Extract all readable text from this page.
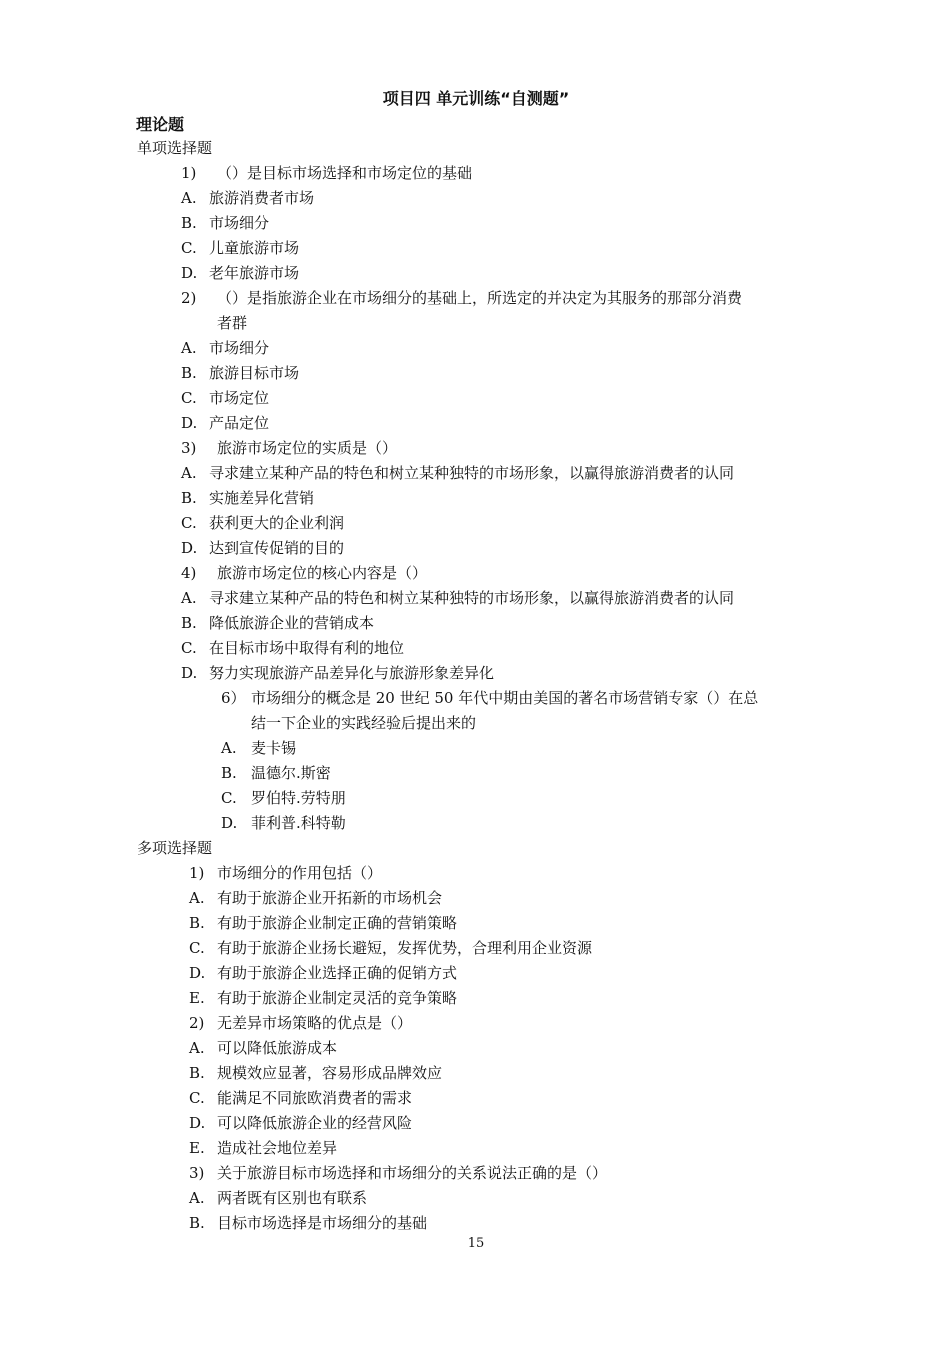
项目四 单元训练“自测题”
理论题
单项选择题
1) （）是目标市场选择和市场定位的基础
A. 旅游消费者市场
B. 市场细分
C. 儿童旅游市场
D. 老年旅游市场
2) （）是指旅游企业在市场细分的基础上，所选定的并决定为其服务的那部分消费
者群
A. 市场细分
B. 旅游目标市场
C. 市场定位
D. 产品定位
3) 旅游市场定位的实质是（）
A. 寻求建立某种产品的特色和树立某种独特的市场形象，以赢得旅游消费者的认同
B. 实施差异化营销
C. 获利更大的企业利润
D. 达到宣传促销的目的
4) 旅游市场定位的核心内容是（）
A. 寻求建立某种产品的特色和树立某种独特的市场形象，以赢得旅游消费者的认同
B. 降低旅游企业的营销成本
C. 在目标市场中取得有利的地位
D. 努力实现旅游产品差异化与旅游形象差异化
6） 市场细分的概念是 20 世纪 50 年代中期由美国的著名市场营销专家（）在总
结一下企业的实践经验后提出来的
A. 麦卡锡
B. 温德尔.斯密
C. 罗伯特.劳特朋
D. 菲利普.科特勒
多项选择题
1) 市场细分的作用包括（）
A. 有助于旅游企业开拓新的市场机会
B. 有助于旅游企业制定正确的营销策略
C. 有助于旅游企业扬长避短，发挥优势，合理利用企业资源
D. 有助于旅游企业选择正确的促销方式
E. 有助于旅游企业制定灵活的竞争策略
2) 无差异市场策略的优点是（）
A. 可以降低旅游成本
B. 规模效应显著，容易形成品牌效应
C. 能满足不同旅欧消费者的需求
D. 可以降低旅游企业的经营风险
E. 造成社会地位差异
3) 关于旅游目标市场选择和市场细分的关系说法正确的是（）
A. 两者既有区别也有联系
B. 目标市场选择是市场细分的基础
15
